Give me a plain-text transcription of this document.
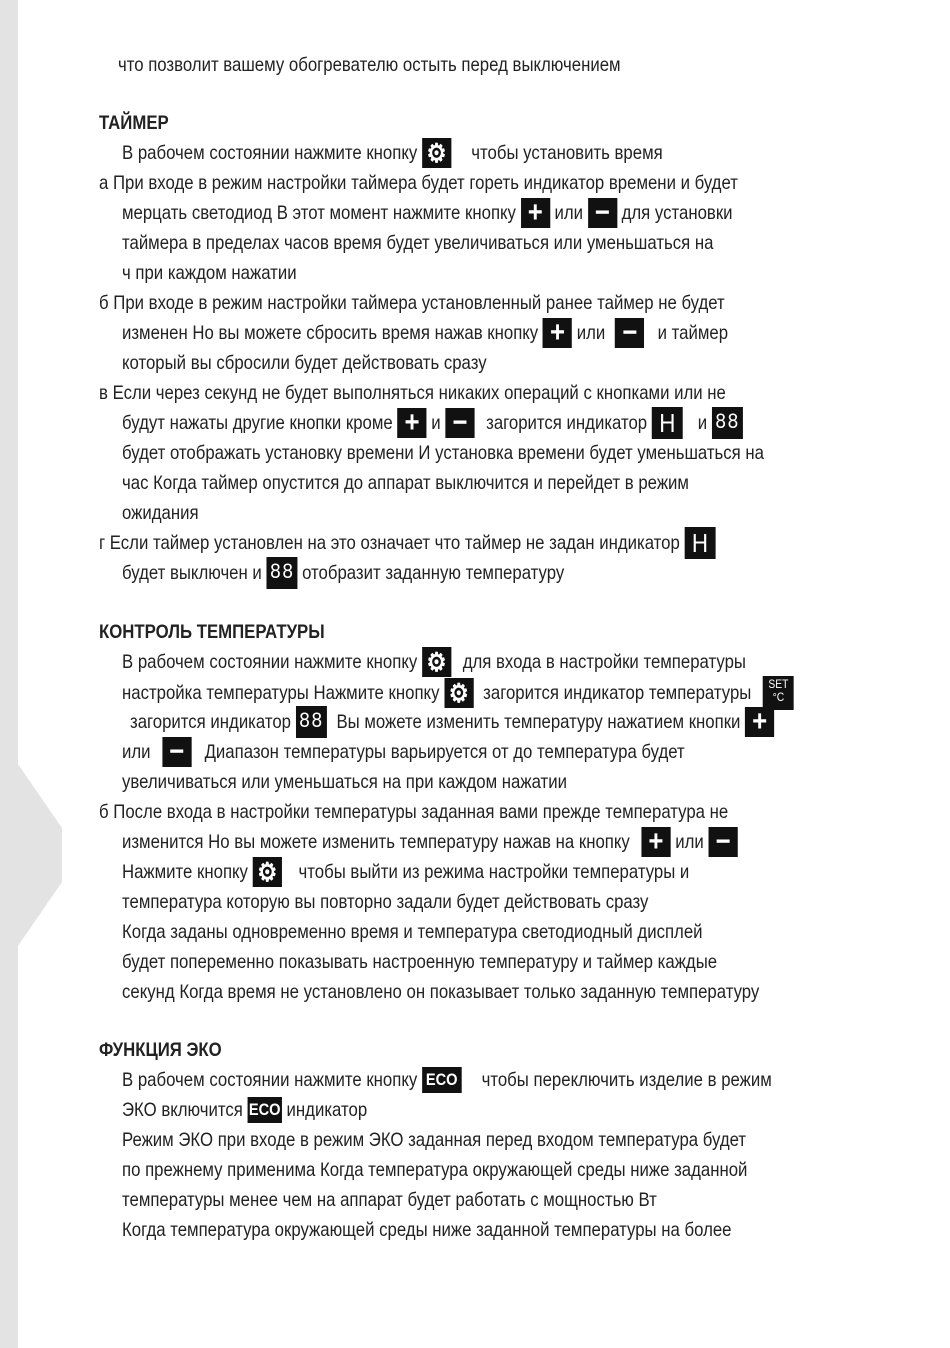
что позволит вашему обогревателю остыть перед выключением
ТАЙМЕР
В рабочем состоянии нажмите кнопку ⚙ чтобы установить время
а При входе в режим настройки таймера будет гореть индикатор времени и будет
мерцать светодиод В этот момент нажмите кнопку + или − для установки
таймера в пределах часов время будет увеличиваться или уменьшаться на
ч при каждом нажатии
б При входе в режим настройки таймера установленный ранее таймер не будет
изменен Но вы можете сбросить время нажав кнопку + или − и таймер
который вы сбросили будет действовать сразу
в Если через секунд не будет выполняться никаких операций с кнопками или не
будут нажаты другие кнопки кроме + и − загорится индикатор H и 88
будет отображать установку времени И установка времени будет уменьшаться на
час Когда таймер опустится до аппарат выключится и перейдет в режим
ожидания
г Если таймер установлен на это означает что таймер не задан индикатор H
будет выключен и 88 отобразит заданную температуру
КОНТРОЛЬ ТЕМПЕРАТУРЫ
В рабочем состоянии нажмите кнопку ⚙ для входа в настройки температуры
настройка температуры Нажмите кнопку ⚙ загорится индикатор температуры	SET
°C
загорится индикатор 88 Вы можете изменить температуру нажатием кнопки +
или − Диапазон температуры варьируется от до температура будет
увеличиваться или уменьшаться на при каждом нажатии
б После входа в настройки температуры заданная вами прежде температура не
изменится Но вы можете изменить температуру нажав на кнопку + или −
Нажмите кнопку ⚙ чтобы выйти из режима настройки температуры и
температура которую вы повторно задали будет действовать сразу
Когда заданы одновременно время и температура светодиодный дисплей
будет попеременно показывать настроенную температуру и таймер каждые
секунд Когда время не установлено он показывает только заданную температуру
ФУНКЦИЯ ЭКО
В рабочем состоянии нажмите кнопку ECO чтобы переключить изделие в режим
ЭКО включится ECO индикатор
Режим ЭКО при входе в режим ЭКО заданная перед входом температура будет
по прежнему применима Когда температура окружающей среды ниже заданной
температуры менее чем на аппарат будет работать с мощностью Вт
Когда температура окружающей среды ниже заданной температуры на более
